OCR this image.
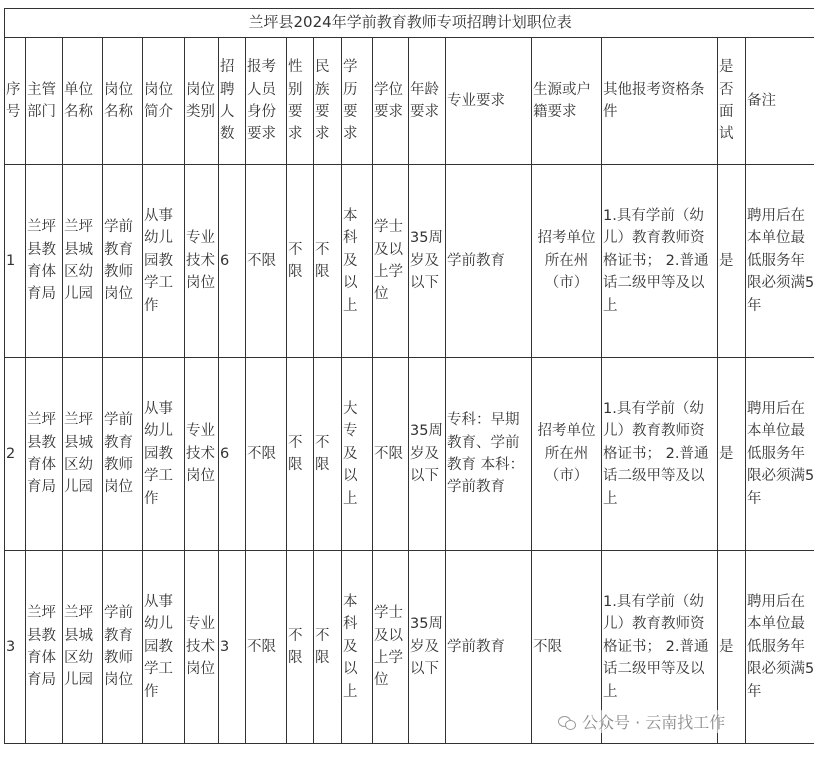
兰坪县2024年学前教育教师专项招聘计划职位表																	
序号	主管部门	单位名称	岗位名称	岗位简介	岗位类别	招聘人数	报考人员身份要求	性别要求	民族要求	学历要求	学位要求	年龄要求	专业要求	生源或户籍要求	其他报考资格条件	是否面试	备注
1	兰坪县教育体育局	兰坪县城区幼儿园	学前教育教师岗位	从事幼儿园教学工作	专业技术岗位	6	不限	不限	不限	本科及以上	学士及以上学位	35周岁及以下	学前教育	招考单位所在州（市）	1.具有学前（幼儿）教育教师资格证书； 2.普通话二级甲等及以上	是	聘用后在本单位最低服务年限必须满5年
2	兰坪县教育体育局	兰坪县城区幼儿园	学前教育教师岗位	从事幼儿园教学工作	专业技术岗位	6	不限	不限	不限	大专及以上	不限	35周岁及以下	专科：早期教育、学前教育 本科：学前教育	招考单位所在州（市）	1.具有学前（幼儿）教育教师资格证书； 2.普通话二级甲等及以上	是	聘用后在本单位最低服务年限必须满5年
3	兰坪县教育体育局	兰坪县城区幼儿园	学前教育教师岗位	从事幼儿园教学工作	专业技术岗位	3	不限	不限	不限	本科及以上	学士及以上学位	35周岁及以下	学前教育	不限	1.具有学前（幼儿）教育教师资格证书； 2.普通话二级甲等及以上	是	聘用后在本单位最低服务年限必须满5年
公众号 · 云南找工作
